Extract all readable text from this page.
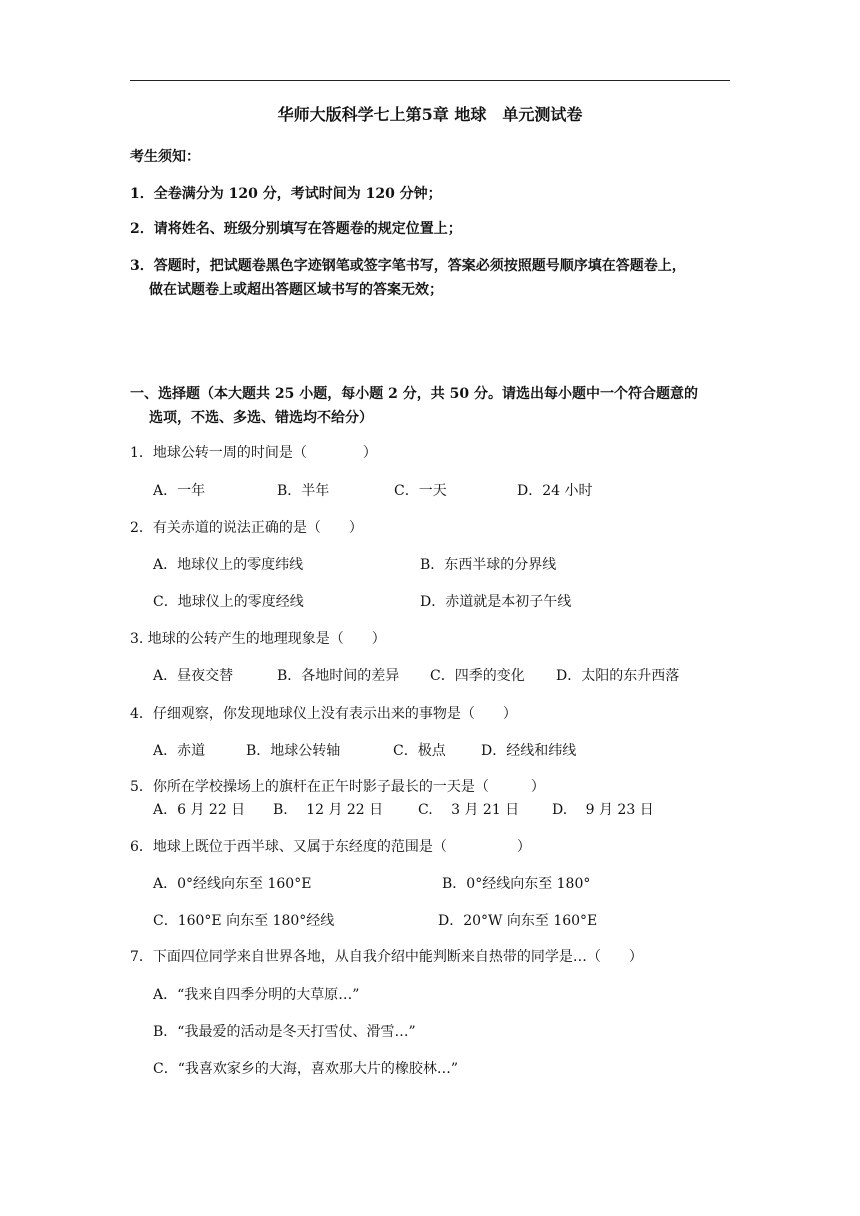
华师大版科学七上第5章 地球　单元测试卷
考生须知：
1．全卷满分为 120 分，考试时间为 120 分钟；
2．请将姓名、班级分别填写在答题卷的规定位置上；
3．答题时，把试题卷黑色字迹钢笔或签字笔书写，答案必须按照题号顺序填在答题卷上，
做在试题卷上或超出答题区域书写的答案无效；
一、选择题（本大题共 25 小题，每小题 2 分，共 50 分。请选出每小题中一个符合题意的
选项，不选、多选、错选均不给分）
1．地球公转一周的时间是（　　　　）
A．一年	B．半年	C．一天	D．24 小时
2．有关赤道的说法正确的是（　　）
A．地球仪上的零度纬线	B．东西半球的分界线
C．地球仪上的零度经线	D．赤道就是本初子午线
3. 地球的公转产生的地理现象是（　　）
A．昼夜交替	B．各地时间的差异 C．四季的变化 D．太阳的东升西落
4．仔细观察，你发现地球仪上没有表示出来的事物是（　　）
A．赤道	B．地球公转轴	C．极点	D．经线和纬线
5．你所在学校操场上的旗杆在正午时影子最长的一天是（　　　）
A．6 月 22 日 B.　 12 月 22 日 C.　 3 月 21 日 D.　 9 月 23 日
6．地球上既位于西半球、又属于东经度的范围是（　　　　　）
A．0°经线向东至 160°E	B．0°经线向东至 180°
C．160°E 向东至 180°经线	D．20°W 向东至 160°E
7．下面四位同学来自世界各地，从自我介绍中能判断来自热带的同学是…（　　）
A．“我来自四季分明的大草原…”
B．“我最爱的活动是冬天打雪仗、滑雪…”
C．“我喜欢家乡的大海，喜欢那大片的橡胶林…”
